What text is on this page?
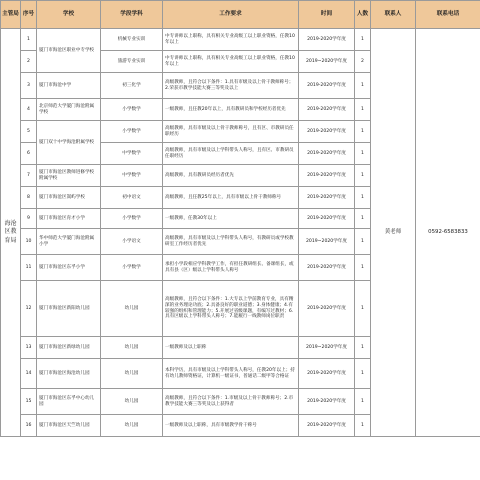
主管局	序号	学校	学段学科	工作要求	时间	人数	联系人	联系电话
海沧区教育局	1	厦门市海沧区职业中专学校	机械专业实训	中专讲师以上职称，具有相关专业高级工以上职业资格，任教10年以上	2019-2020学年度	1	黄老师	0592-6583833
	2		旅游专业实训	中专讲师以上职称，具有相关专业高级工以上职业资格，任教10年以上	2019~2020学年度	2		
	3	厦门市海沧中学	初三化学	高级教师，且符合以下条件：1.具有市级及以上骨干教师称号；2.荣获市教学技能大赛三等奖及以上	2019-2020学年度	1		
	4	北京师范大学厦门海沧附属学校	小学数学	一级教师，且任教20年以上，具有教研员和学校经历者优先	2019-2020学年度	1		
	5	厦门双十中学海沧附属学校	小学数学	高级教师，具有市级及以上骨干教师称号，且有区、市教研员任职经历	2019-2020学年度	1		
	6		中学数学	高级教师，具有市级及以上学科带头人称号，且有区、市教研员任职经历	2019-2020学年度	1		
	7	厦门市海沧区教师进修学校附属学校	中学数学	高级教师，具有教研员经历者优先	2019-2020学年度	1		
	8	厦门市海沧区嵩屿学校	初中语文	高级教师，且任教25年以上，具有市级以上骨干教师称号	2019-2020学年度	1		
	9	厦门市海沧区育才小学	小学数学	一级教师，任教30年以上	2019-2020学年度	1		
	10	华中师范大学厦门海沧附属小学	小学语文	高级教师，具有市级及以上学科带头人称号，有教研员或学校教研室工作经历者优先	2019~2020学年度	1		
	11	厦门市海沧区东孚小学	小学数学	承担小学段相应学科教学工作，有担任教研组长、备课组长，或具有县（区）级以上学科带头人称号	2019-2020学年度	1		
	12	厦门市海沧区新阳幼儿园	幼儿园	高级教师，且符合以下条件：1.大专以上学前教育专业，具有精深的业务理论功底；2.具备良好的职业道德；3.身体健康；4.有较强的组织和管理能力；5.开展过省级课题，有编写过教材；6.具有区级以上学科带头人称号；7.能履行一线教师岗位职责	2019-2020学年度	1		
	13	厦门市海沧区新绿幼儿园	幼儿园	一级教师及以上职称	2019~2020学年度	1		
	14	厦门市海沧区海沧幼儿园	幼儿园	本科学历，具有市级及以上学科带头人称号，任教20年以上；持有幼儿教师资格证，计算机一级证书，普通话二级甲等合格证	2019-2020学年度	1		
	15	厦门市海沧区东孚中心幼儿园	幼儿园	高级教师，且符合以下条件：1.市级及以上骨干教师称号；2.市教学技能大赛三等奖及以上获得者	2019-2020学年度	1		
	16	厦门市海沧区天竺幼儿园	幼儿园	一级教师及以上职称，具有市级教学骨干称号	2019-2020学年度	1		
